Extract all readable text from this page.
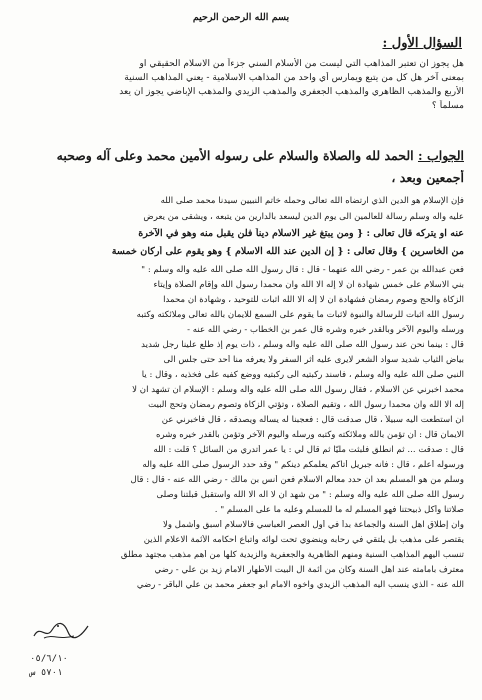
بسم الله الرحمن الرحيم
السؤال الأول :
هل يجوز ان تعتبر المذاهب التي ليست من الأسلام السني جزءاً من الاسلام الحقيقي او
بمعنى آخر هل كل من يتبع ويمارس أي واحد من المذاهب الاسلامية - يعني المذاهب السنية
الأربع والمذهب الظاهري والمذهب الجعفري والمذهب الزيدي والمذهب الإباضي يجوز ان يعد
مسلماً ؟
الجواب : الحمد لله والصلاة والسلام على رسوله الأمين محمد وعلى آله وصحبه
أجمعين وبعد ،
فإن الإسلام هو الدين الذي ارتضاه الله تعالى وحمله خاتم النبيين سيدنا محمد صلى الله
عليه وآله وسلم رسالة للعالمين الى يوم الدين ليسعد بالدارين من يتبعه ، ويشقى من يعرض
عنه او يتركه قال تعالى : { ومن يبتغ غير الاسلام ديناً فلن يقبل منه وهو في الآخرة
من الخاسرين } وقال تعالى : { إن الدين عند الله الاسلام } وهو يقوم على أركان خمسة
فعن عبدالله بن عمر - رضي الله عنهما - قال : قال رسول الله صلى الله عليه وآله وسلم : "
بني الاسلام على خمس شهادة ان لا إله الا الله وان محمداً رسول الله وإقام الصلاة وإيتاء
الزكاة والحج وصوم رمضان فشهادة ان لا إله الا الله اثبات للتوحيد ، وشهادة ان محمداً
رسول الله اثبات للرسالة والنبوة لاثبات ما يقوم على السمع للايمان بالله تعالى وملائكته وكتبه
ورسله واليوم الآخر وبالقدر خيره وشره قال عمر بن الخطاب - رضي الله عنه -
قال : بينما نحن عند رسول الله صلى الله عليه وآله وسلم ، ذات يوم إذ طلع علينا رجل شديد
بياض الثياب شديد سواد الشعر لايرى عليه أثر السفر ولا يعرفه منا أحد حتى جلس الى
النبي صلى الله عليه وآله وسلم ، فاسند ركبتيه الى ركبتيه ووضع كفيه على فخذيه ، وقال : يا
محمد اخبرني عن الاسلام ، فقال رسول الله صلى الله عليه وآله وسلم : الإسلام ان تشهد ان لا
إله الا الله وان محمداً رسول الله ، وتقيم الصلاة ، وتؤتي الزكاة وتصوم رمضان وتحج البيت
ان استطعت اليه سبيلاً ، قال صدقت قال : فعجبنا له يسأله ويصدقه ، قال فاخبرني عن
الايمان قال : أن تؤمن بالله وملائكته وكتبه ورسله واليوم الآخر وتؤمن بالقدر خيره وشره
قال : صدقت ... ثم انطلق فلبثت مليّاً ثم قال لي : يا عمر أتدري من السائل ؟ قلت : الله
ورسوله أعلم ، قال : فانه جبريل أتاكم يعلمكم دينكم " وقد حدد الرسول صلى الله عليه وآله
وسلم من هو المسلم بعد ان حدد معالم الاسلام فعن أنس بن مالك - رضي الله عنه - قال : قال
رسول الله صلى الله عليه وآله وسلم : " من شهد ان لا اله الا الله واستقبل قبلتنا وصلى
صلاتنا وأكل ذبيحتنا فهو المسلم له ما للمسلم وعليه ما على المسلم " .
وان إطلاق اهل السنة والجماعة بدأ في أول العصر العباسي فالاسلام أسبق وأشمل ولا
يقتصر على مذهب بل يلتقي في رحابه وينضوي تحت لوائه واتباع احكامه الأئمة الاعلام الذين
تنسب اليهم المذاهب السنية ومنهم الظاهرية والجعفرية والزيدية كلها من أهم مذهب مجتهد مطلق
معترف بامامته عند اهل السنة وكان من أئمة آل البيت الأطهار الامام زيد بن علي - رضي
الله عنه - الذي ينسب اليه المذهب الزيدي واخوه الامام ابو جعفر محمد بن علي الباقر - رضي
٠٥/٦/١٠
٥٧٠١ س
